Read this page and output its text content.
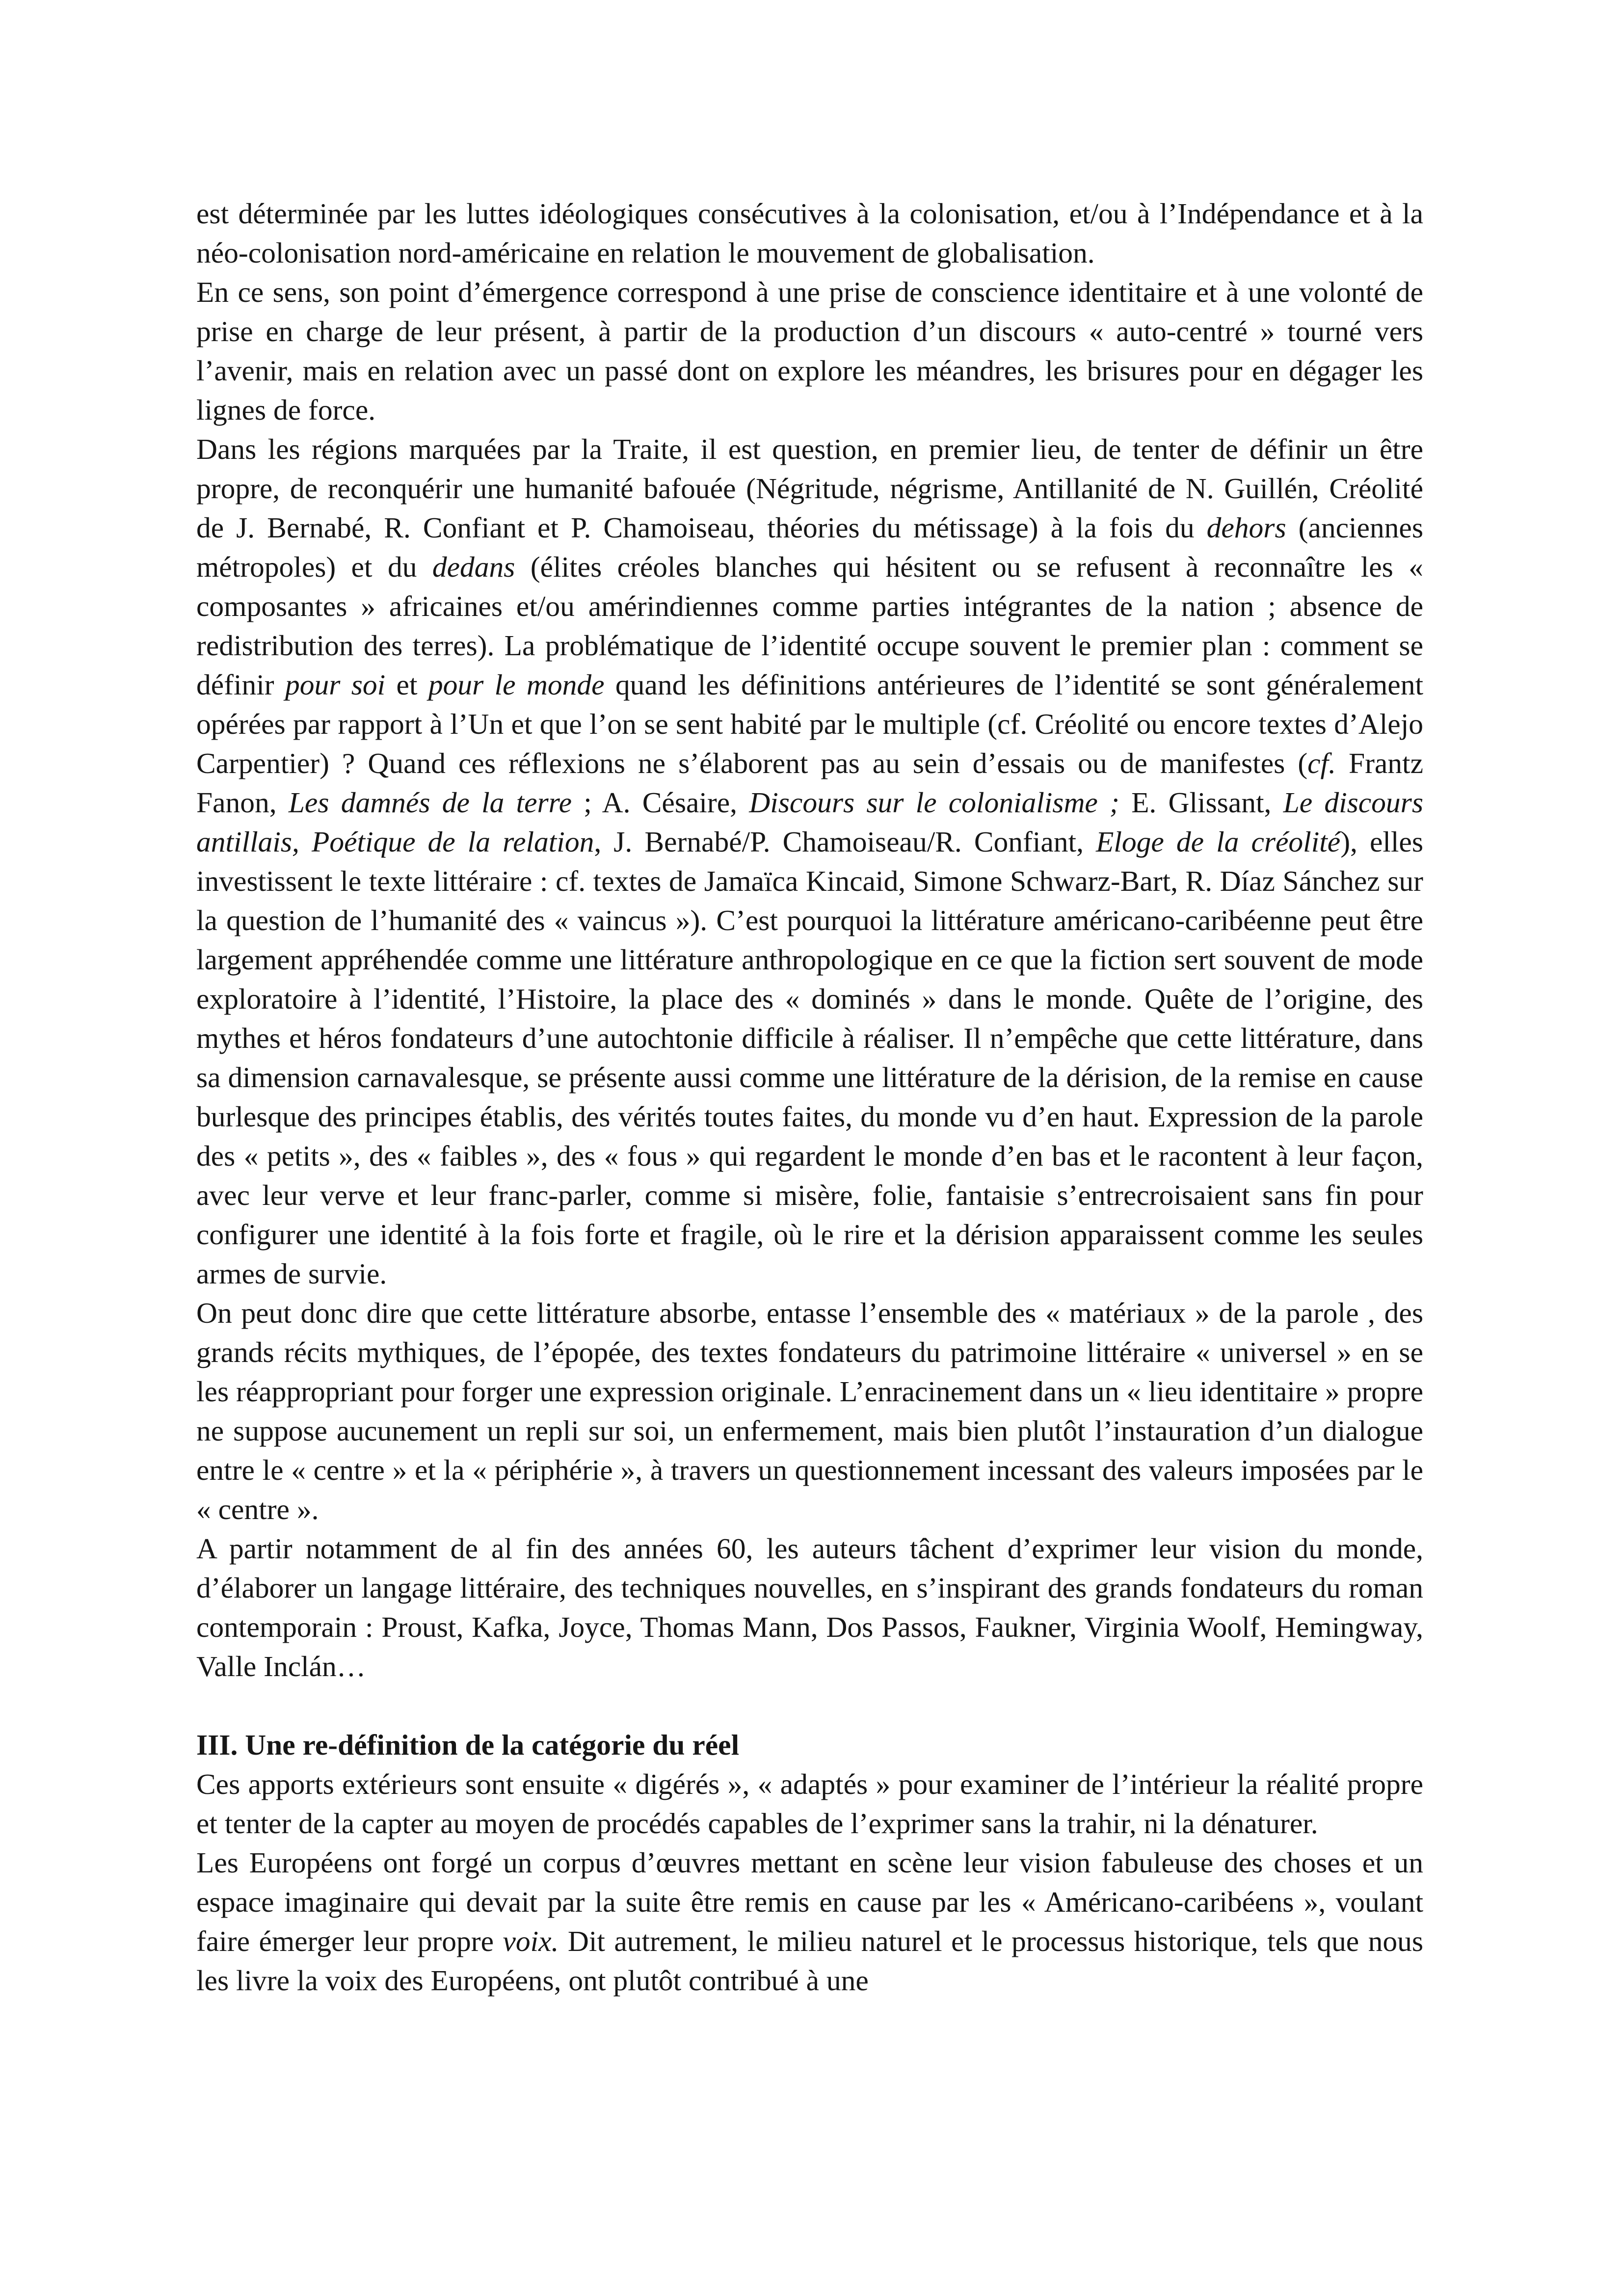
est déterminée par les luttes idéologiques consécutives à la colonisation, et/ou à l’Indépendance et à la néo-colonisation nord-américaine en relation le mouvement de globalisation.

En ce sens, son point d’émergence correspond à une prise de conscience identitaire et à une volonté de prise en charge de leur présent, à partir de la production d’un discours « auto-centré » tourné vers l’avenir, mais en relation avec un passé dont on explore les méandres, les brisures pour en dégager les lignes de force.

Dans les régions marquées par la Traite, il est question, en premier lieu, de tenter de définir un être propre, de reconquérir une humanité bafouée (Négritude, négrisme, Antillanité de N. Guillén, Créolité de J. Bernabé, R. Confiant et P. Chamoiseau, théories du métissage) à la fois du dehors (anciennes métropoles) et du dedans (élites créoles blanches qui hésitent ou se refusent à reconnaître les « composantes » africaines et/ou amérindiennes comme parties intégrantes de la nation ; absence de redistribution des terres). La problématique de l’identité occupe souvent le premier plan : comment se définir pour soi et pour le monde quand les définitions antérieures de l’identité se sont généralement opérées par rapport à l’Un et que l’on se sent habité par le multiple (cf. Créolité ou encore textes d’Alejo Carpentier) ? Quand ces réflexions ne s’élaborent pas au sein d’essais ou de manifestes (cf. Frantz Fanon, Les damnés de la terre ; A. Césaire, Discours sur le colonialisme ; E. Glissant, Le discours antillais, Poétique de la relation, J. Bernabé/P. Chamoiseau/R. Confiant, Eloge de la créolité), elles investissent le texte littéraire : cf. textes de Jamaïca Kincaid, Simone Schwarz-Bart, R. Díaz Sánchez sur la question de l’humanité des « vaincus »). C’est pourquoi la littérature américano-caribéenne peut être largement appréhendée comme une littérature anthropologique en ce que la fiction sert souvent de mode exploratoire à l’identité, l’Histoire, la place des « dominés » dans le monde. Quête de l’origine, des mythes et héros fondateurs d’une autochtonie difficile à réaliser. Il n’empêche que cette littérature, dans sa dimension carnavalesque, se présente aussi comme une littérature de la dérision, de la remise en cause burlesque des principes établis, des vérités toutes faites, du monde vu d’en haut. Expression de la parole des « petits », des « faibles », des « fous » qui regardent le monde d’en bas et le racontent à leur façon, avec leur verve et leur franc-parler, comme si misère, folie, fantaisie s’entrecroisaient sans fin pour configurer une identité à la fois forte et fragile, où le rire et la dérision apparaissent comme les seules armes de survie.

On peut donc dire que cette littérature absorbe, entasse l’ensemble des « matériaux » de la parole , des grands récits mythiques, de l’épopée, des textes fondateurs du patrimoine littéraire « universel » en se les réappropriant pour forger une expression originale. L’enracinement dans un « lieu identitaire » propre ne suppose aucunement un repli sur soi, un enfermement, mais bien plutôt l’instauration d’un dialogue entre le « centre » et la « périphérie », à travers un questionnement incessant des valeurs imposées par le « centre ».

A partir notamment de al fin des années 60, les auteurs tâchent d’exprimer leur vision du monde, d’élaborer un langage littéraire, des techniques nouvelles, en s’inspirant des grands fondateurs du roman contemporain : Proust, Kafka, Joyce, Thomas Mann, Dos Passos, Faukner, Virginia Woolf, Hemingway, Valle Inclán…

III. Une re-définition de la catégorie du réel

Ces apports extérieurs sont ensuite « digérés », « adaptés » pour examiner de l’intérieur la réalité propre et tenter de la capter au moyen de procédés capables de l’exprimer sans la trahir, ni la dénaturer.

Les Européens ont forgé un corpus d’œuvres mettant en scène leur vision fabuleuse des choses et un espace imaginaire qui devait par la suite être remis en cause par les « Américano-caribéens », voulant faire émerger leur propre voix. Dit autrement, le milieu naturel et le processus historique, tels que nous les livre la voix des Européens, ont plutôt contribué à une
